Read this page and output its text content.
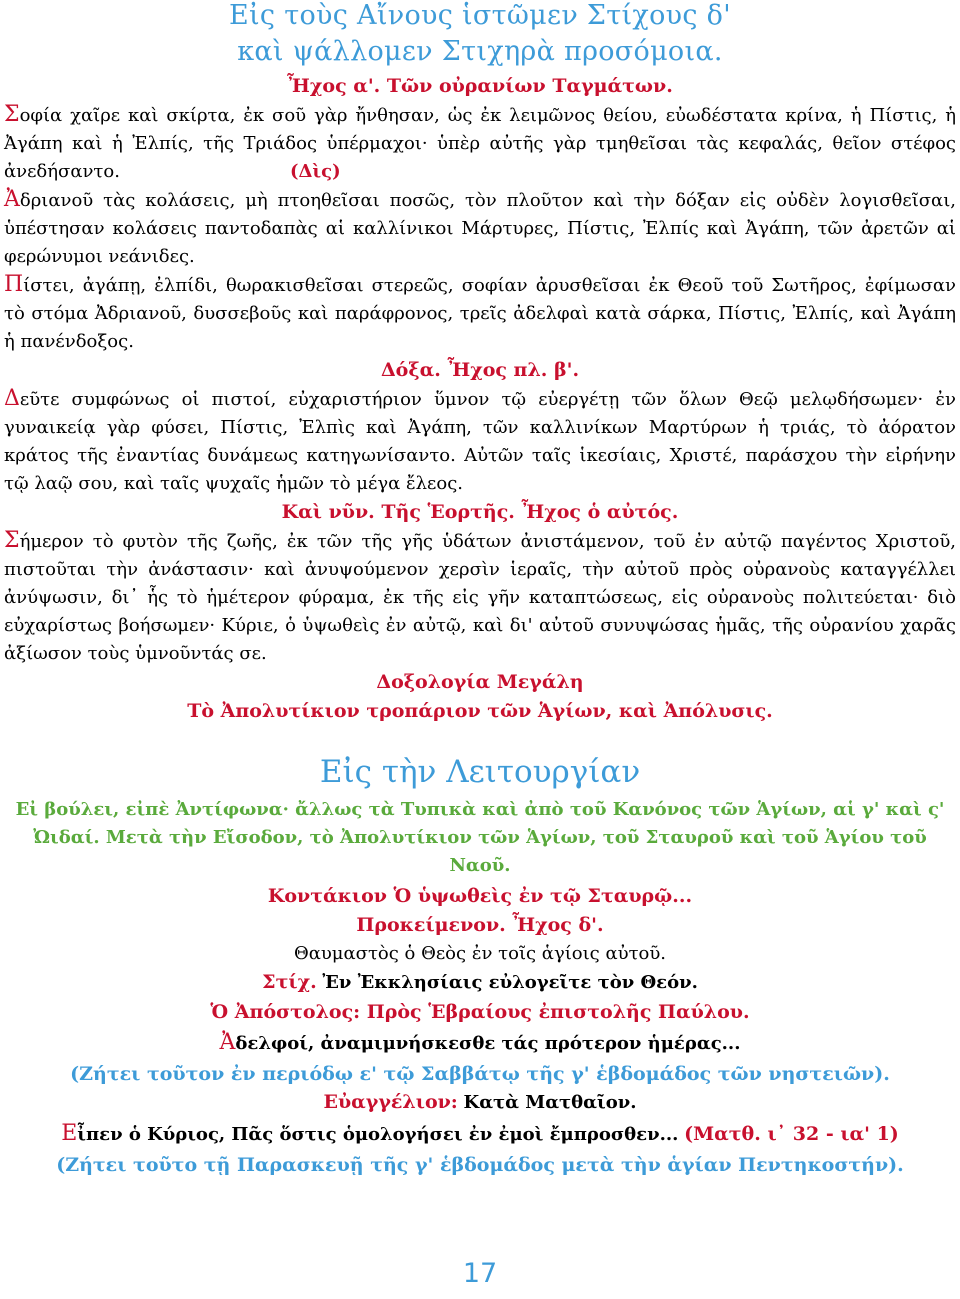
Εἰς τοὺς Αἴνους ἱστῶμεν Στίχους δ'
καὶ ψάλλομεν Στιχηρὰ προσόμοια.
Ἦχος α'. Τῶν οὐρανίων Ταγμάτων.
Σοφία χαῖρε καὶ σκίρτα, ἐκ σοῦ γὰρ ἤνθησαν, ὡς ἐκ λειμῶνος θείου, εὐωδέστατα κρίνα, ἡ Πίστις, ἡ Ἀγάπη καὶ ἡ Ἐλπίς, τῆς Τριάδος ὑπέρμαχοι· ὑπὲρ αὐτῆς γὰρ τμηθεῖσαι τὰς κεφαλάς, θεῖον στέφος ἀνεδήσαντο.	(Δὶς)
Ἀδριανοῦ τὰς κολάσεις, μὴ πτοηθεῖσαι ποσῶς, τὸν πλοῦτον καὶ τὴν δόξαν εἰς οὐδὲν λογισθεῖσαι, ὑπέστησαν κολάσεις παντοδαπὰς αἱ καλλίνικοι Μάρτυρες, Πίστις, Ἐλπίς καὶ Ἀγάπη, τῶν ἀρετῶν αἱ φερώνυμοι νεάνιδες.
Πίστει, ἀγάπῃ, ἐλπίδι, θωρακισθεῖσαι στερεῶς, σοφίαν ἀρυσθεῖσαι ἐκ Θεοῦ τοῦ Σωτῆρος, ἐφίμωσαν τὸ στόμα Ἀδριανοῦ, δυσσεβοῦς καὶ παράφρονος, τρεῖς ἀδελφαὶ κατὰ σάρκα, Πίστις, Ἐλπίς, καὶ Ἀγάπη ἡ πανένδοξος.
Δόξα. Ἦχος πλ. β'.
Δεῦτε συμφώνως οἱ πιστοί, εὐχαριστήριον ὕμνον τῷ εὐεργέτῃ τῶν ὅλων Θεῷ μελῳδήσωμεν· ἐν γυναικείᾳ γὰρ φύσει, Πίστις, Ἐλπὶς καὶ Ἀγάπη, τῶν καλλινίκων Μαρτύρων ἡ τριάς, τὸ ἀόρατον κράτος τῆς ἐναντίας δυνάμεως κατηγωνίσαντο. Αὐτῶν ταῖς ἱκεσίαις, Χριστέ, παράσχου τὴν εἰρήνην τῷ λαῷ σου, καὶ ταῖς ψυχαῖς ἡμῶν τὸ μέγα ἔλεος.
Καὶ νῦν. Τῆς Ἑορτῆς. Ἦχος ὁ αὐτός.
Σήμερον τὸ φυτὸν τῆς ζωῆς, ἐκ τῶν τῆς γῆς ὑδάτων ἀνιστάμενον, τοῦ ἐν αὐτῷ παγέντος Χριστοῦ, πιστοῦται τὴν ἀνάστασιν· καὶ ἀνυψούμενον χερσὶν ἱεραῖς, τὴν αὐτοῦ πρὸς οὐρανοὺς καταγγέλλει ἀνύψωσιν, δι᾽ ἧς τὸ ἡμέτερον φύραμα, ἐκ τῆς εἰς γῆν καταπτώσεως, εἰς οὐρανοὺς πολιτεύεται· διὸ εὐχαρίστως βοήσωμεν· Κύριε, ὁ ὑψωθεὶς ἐν αὐτῷ, καὶ δι' αὐτοῦ συνυψώσας ἡμᾶς, τῆς οὐρανίου χαρᾶς ἀξίωσον τοὺς ὑμνοῦντάς σε.
Δοξολογία Μεγάλη
Τὸ Ἀπολυτίκιον τροπάριον τῶν Ἁγίων, καὶ Ἀπόλυσις.
Εἰς τὴν Λειτουργίαν
Εἰ βούλει, εἰπὲ Ἀντίφωνα· ἄλλως τὰ Τυπικὰ καὶ ἀπὸ τοῦ Κανόνος τῶν Ἁγίων, αἱ γ' καὶ ς' Ὠιδαί. Μετὰ τὴν Εἴσοδον, τὸ Ἀπολυτίκιον τῶν Ἁγίων, τοῦ Σταυροῦ καὶ τοῦ Ἁγίου τοῦ Ναοῦ.
Κοντάκιον Ὁ ὑψωθεὶς ἐν τῷ Σταυρῷ...
Προκείμενον. Ἦχος δ'.
Θαυμαστὸς ὁ Θεὸς ἐν τοῖς ἁγίοις αὐτοῦ.
Στίχ. Ἐν Ἐκκλησίαις εὐλογεῖτε τὸν Θεόν.
Ὁ Ἀπόστολος: Πρὸς Ἑβραίους ἐπιστολῆς Παύλου.
Ἀδελφοί, ἀναμιμνήσκεσθε τάς πρότερον ἡμέρας...
(Ζήτει τοῦτον ἐν περιόδῳ ε' τῷ Σαββάτῳ τῆς γ' ἑβδομάδος τῶν νηστειῶν).
Εὐαγγέλιον: Κατὰ Ματθαῖον.
Εἶπεν ὁ Κύριος, Πᾶς ὅστις ὁμολογήσει ἐν ἐμοὶ ἔμπροσθεν... (Ματθ. ι᾽ 32 - ια' 1)
(Ζήτει τοῦτο τῇ Παρασκευῇ τῆς γ' ἑβδομάδος μετὰ τὴν ἁγίαν Πεντηκοστήν).
17
